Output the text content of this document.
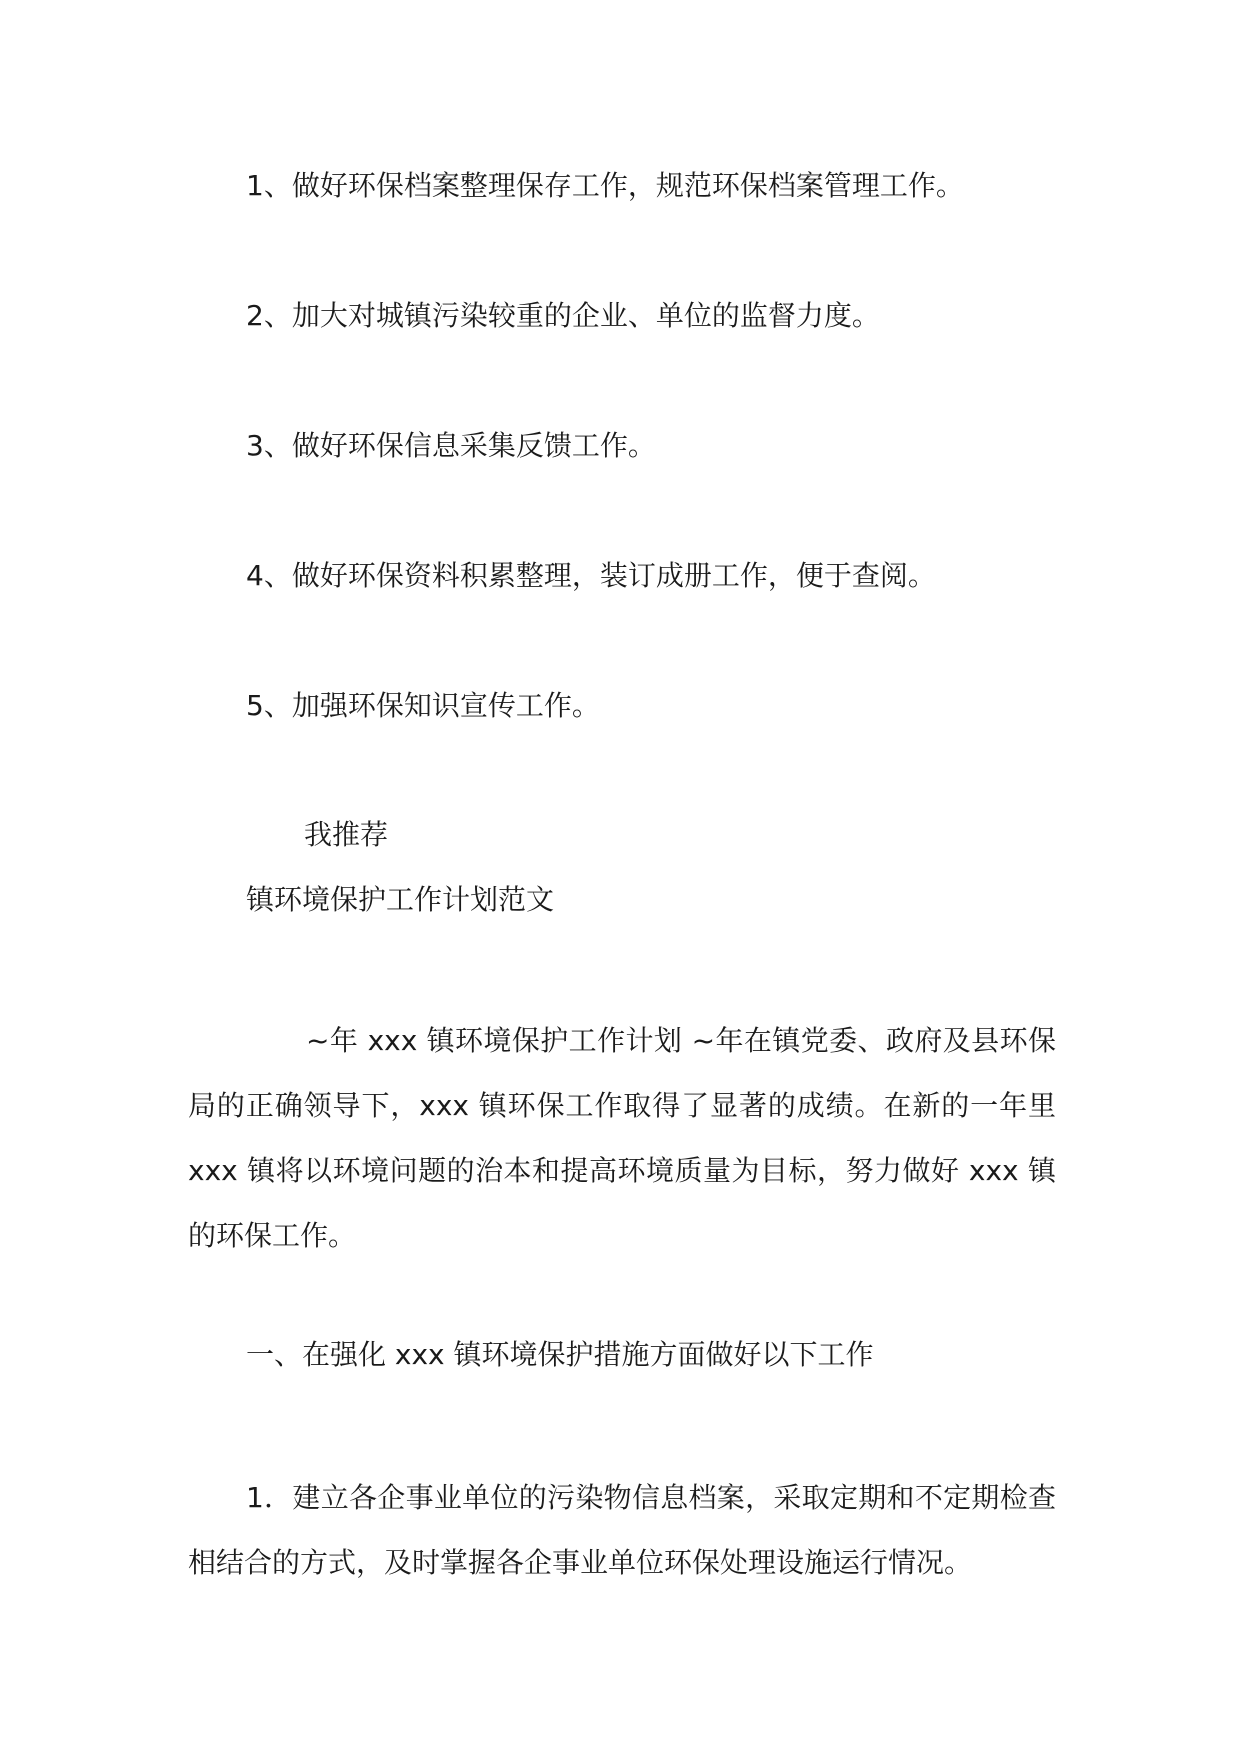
1、做好环保档案整理保存工作，规范环保档案管理工作。

2、加大对城镇污染较重的企业、单位的监督力度。

3、做好环保信息采集反馈工作。

4、做好环保资料积累整理，装订成册工作，便于查阅。

5、加强环保知识宣传工作。

我推荐

镇环境保护工作计划范文

~年 xxx 镇环境保护工作计划 ~年在镇党委、政府及县环保局的正确领导下，xxx 镇环保工作取得了显著的成绩。在新的一年里 xxx 镇将以环境问题的治本和提高环境质量为目标，努力做好 xxx 镇的环保工作。

一、在强化 xxx 镇环境保护措施方面做好以下工作

1．建立各企事业单位的污染物信息档案，采取定期和不定期检查相结合的方式，及时掌握各企事业单位环保处理设施运行情况。
